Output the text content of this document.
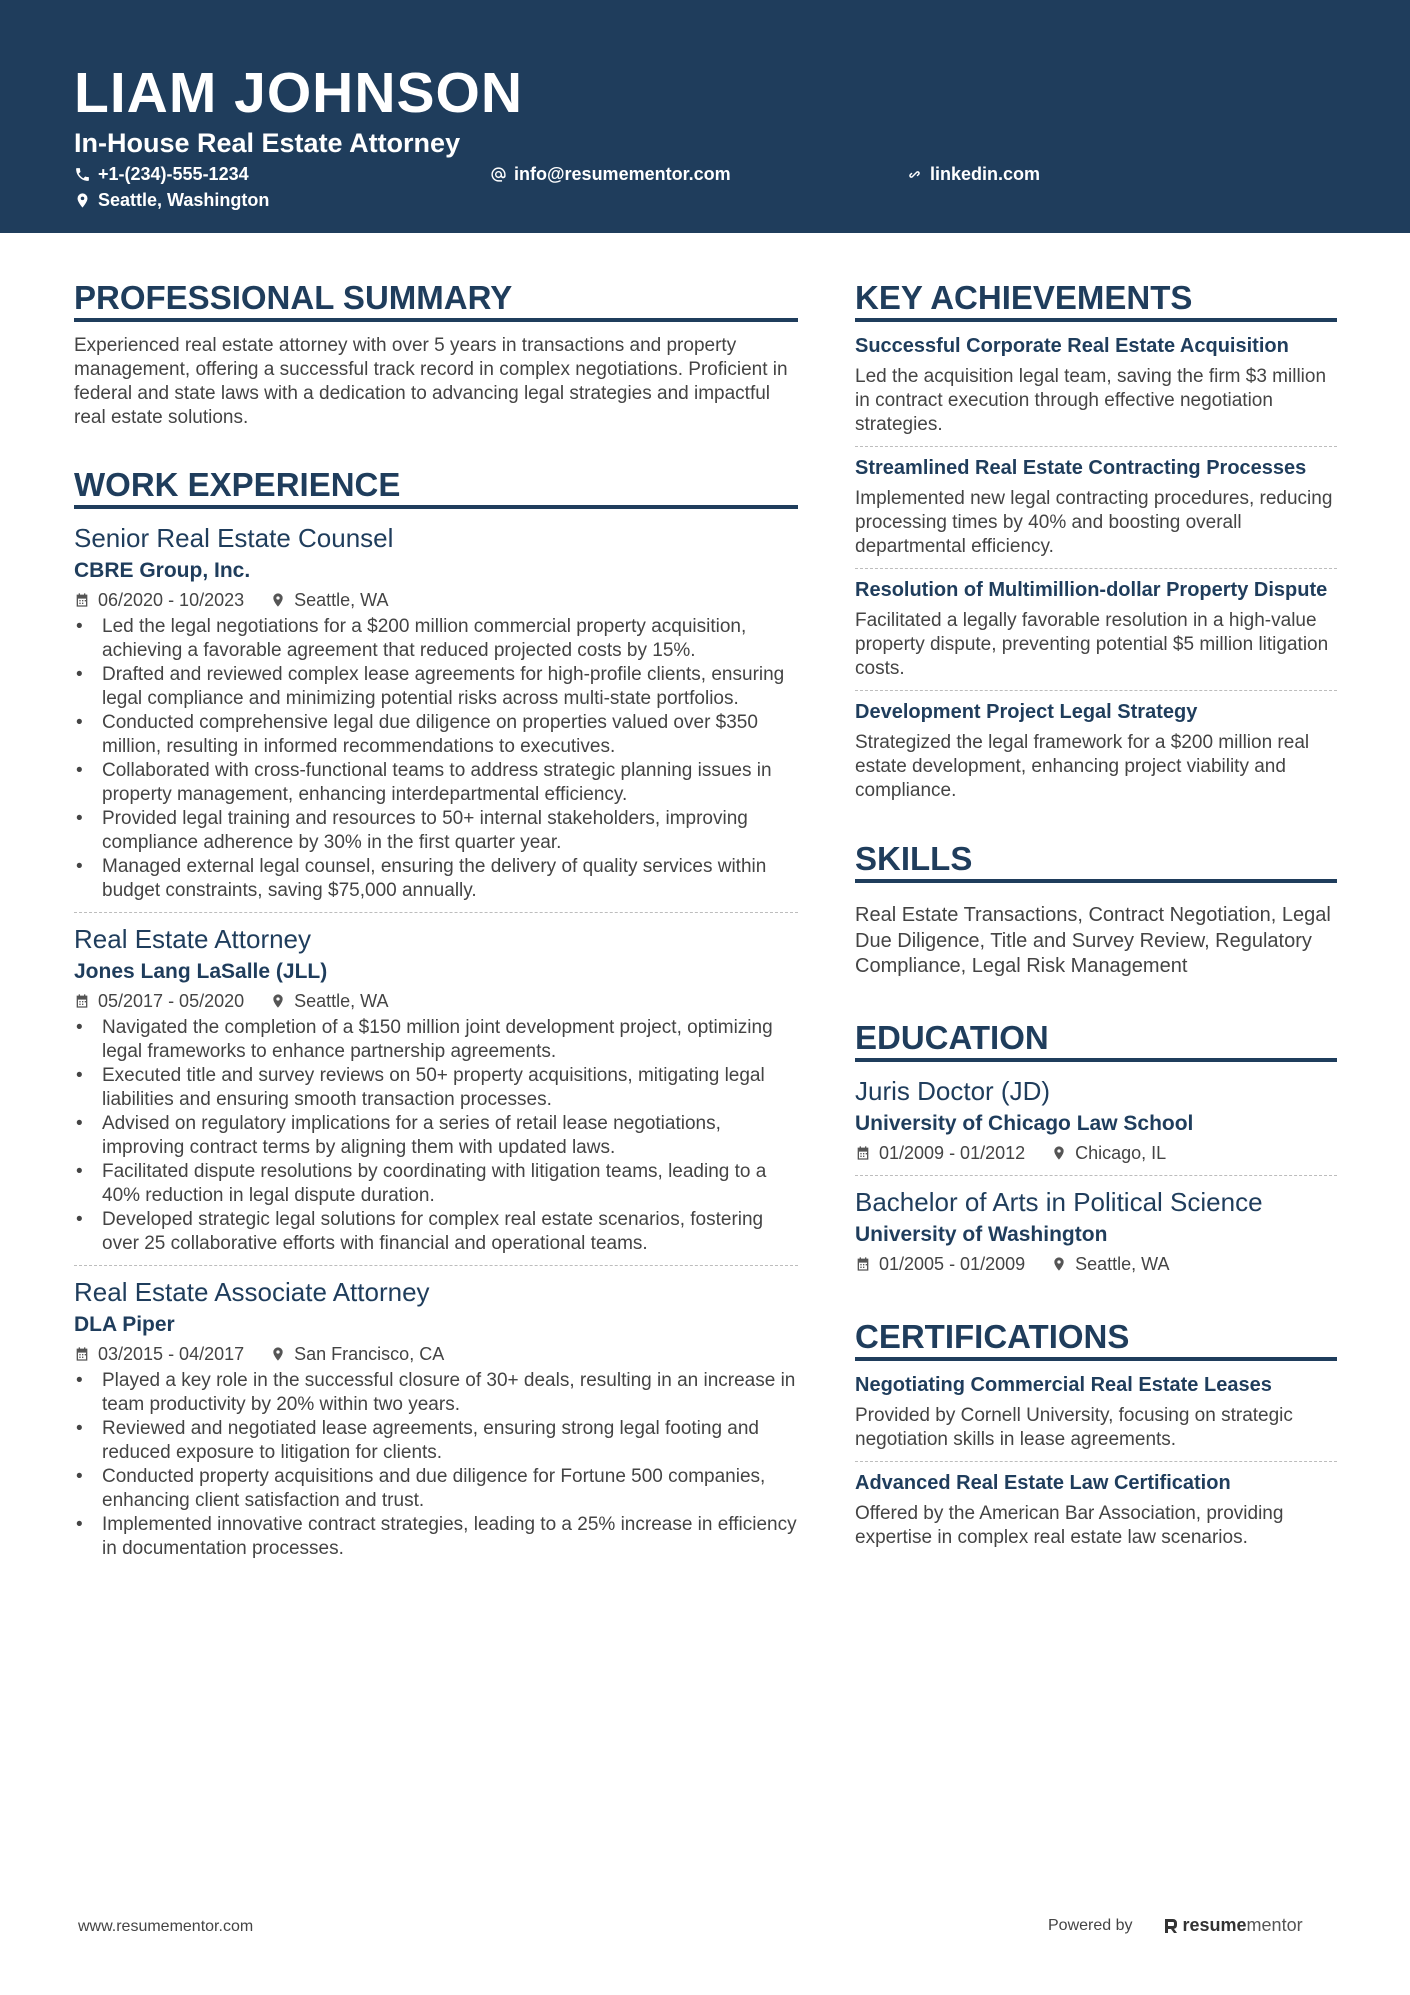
LIAM JOHNSON
In-House Real Estate Attorney
+1-(234)-555-1234	info@resumementor.com	linkedin.com
Seattle, Washington
PROFESSIONAL SUMMARY

Experienced real estate attorney with over 5 years in transactions and property management, offering a successful track record in complex negotiations. Proficient in federal and state laws with a dedication to advancing legal strategies and impactful real estate solutions.

WORK EXPERIENCE
Senior Real Estate Counsel
CBRE Group, Inc.
06/2020 - 10/2023	Seattle, WA
• Led the legal negotiations for a $200 million commercial property acquisition, achieving a favorable agreement that reduced projected costs by 15%.
• Drafted and reviewed complex lease agreements for high-profile clients, ensuring legal compliance and minimizing potential risks across multi-state portfolios.
• Conducted comprehensive legal due diligence on properties valued over $350 million, resulting in informed recommendations to executives.
• Collaborated with cross-functional teams to address strategic planning issues in property management, enhancing interdepartmental efficiency.
• Provided legal training and resources to 50+ internal stakeholders, improving compliance adherence by 30% in the first quarter year.
• Managed external legal counsel, ensuring the delivery of quality services within budget constraints, saving $75,000 annually.
Real Estate Attorney
Jones Lang LaSalle (JLL)
05/2017 - 05/2020	Seattle, WA
• Navigated the completion of a $150 million joint development project, optimizing legal frameworks to enhance partnership agreements.
• Executed title and survey reviews on 50+ property acquisitions, mitigating legal liabilities and ensuring smooth transaction processes.
• Advised on regulatory implications for a series of retail lease negotiations, improving contract terms by aligning them with updated laws.
• Facilitated dispute resolutions by coordinating with litigation teams, leading to a 40% reduction in legal dispute duration.
• Developed strategic legal solutions for complex real estate scenarios, fostering over 25 collaborative efforts with financial and operational teams.
Real Estate Associate Attorney
DLA Piper
03/2015 - 04/2017	San Francisco, CA
• Played a key role in the successful closure of 30+ deals, resulting in an increase in team productivity by 20% within two years.
• Reviewed and negotiated lease agreements, ensuring strong legal footing and reduced exposure to litigation for clients.
• Conducted property acquisitions and due diligence for Fortune 500 companies, enhancing client satisfaction and trust.
• Implemented innovative contract strategies, leading to a 25% increase in efficiency in documentation processes.
KEY ACHIEVEMENTS
Successful Corporate Real Estate Acquisition

Led the acquisition legal team, saving the firm $3 million in contract execution through effective negotiation strategies.

Streamlined Real Estate Contracting Processes

Implemented new legal contracting procedures, reducing processing times by 40% and boosting overall departmental efficiency.

Resolution of Multimillion-dollar Property Dispute

Facilitated a legally favorable resolution in a high-value property dispute, preventing potential $5 million litigation costs.

Development Project Legal Strategy

Strategized the legal framework for a $200 million real estate development, enhancing project viability and compliance.

SKILLS

Real Estate Transactions, Contract Negotiation, Legal Due Diligence, Title and Survey Review, Regulatory Compliance, Legal Risk Management

EDUCATION
Juris Doctor (JD)
University of Chicago Law School
01/2009 - 01/2012	Chicago, IL
Bachelor of Arts in Political Science
University of Washington
01/2005 - 01/2009	Seattle, WA
CERTIFICATIONS
Negotiating Commercial Real Estate Leases

Provided by Cornell University, focusing on strategic negotiation skills in lease agreements.

Advanced Real Estate Law Certification

Offered by the American Bar Association, providing expertise in complex real estate law scenarios.

www.resumementor.com	Powered by	resume mentor
